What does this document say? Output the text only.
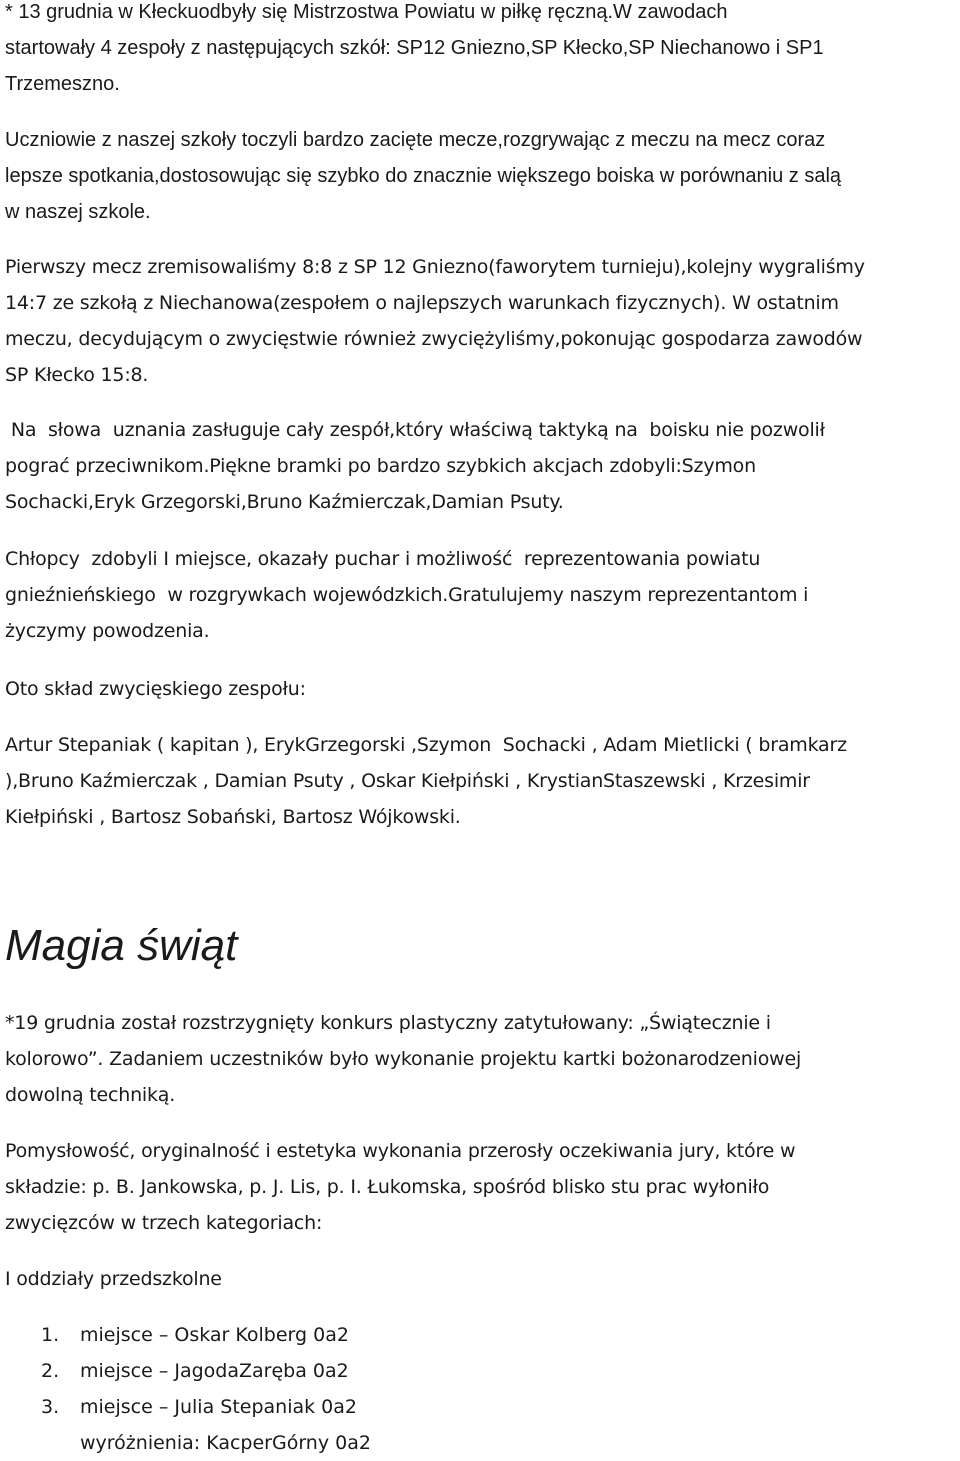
* 13 grudnia w Kłeckuodbyły się Mistrzostwa Powiatu w piłkę ręczną.W zawodach
startowały 4 zespoły z następujących szkół: SP12 Gniezno,SP Kłecko,SP Niechanowo i SP1
Trzemeszno.

Uczniowie z naszej szkoły toczyli bardzo zacięte mecze,rozgrywając z meczu na mecz coraz
lepsze spotkania,dostosowując się szybko do znacznie większego boiska w porównaniu z salą
w naszej szkole.

Pierwszy mecz zremisowaliśmy 8:8 z SP 12 Gniezno(faworytem turnieju),kolejny wygraliśmy
14:7 ze szkołą z Niechanowa(zespołem o najlepszych warunkach fizycznych). W ostatnim
meczu, decydującym o zwycięstwie również zwyciężyliśmy,pokonując gospodarza zawodów
SP Kłecko 15:8.

Na  słowa  uznania zasługuje cały zespół,który właściwą taktyką na  boisku nie pozwolił
pograć przeciwnikom.Piękne bramki po bardzo szybkich akcjach zdobyli:Szymon
Sochacki,Eryk Grzegorski,Bruno Kaźmierczak,Damian Psuty.

Chłopcy  zdobyli I miejsce, okazały puchar i możliwość  reprezentowania powiatu
gnieźnieńskiego  w rozgrywkach wojewódzkich.Gratulujemy naszym reprezentantom i
życzymy powodzenia.

Oto skład zwycięskiego zespołu:

Artur Stepaniak ( kapitan ), ErykGrzegorski ,Szymon  Sochacki , Adam Mietlicki ( bramkarz
),Bruno Kaźmierczak , Damian Psuty , Oskar Kiełpiński , KrystianStaszewski , Krzesimir
Kiełpiński , Bartosz Sobański, Bartosz Wójkowski.

Magia świąt

*19 grudnia został rozstrzygnięty konkurs plastyczny zatytułowany: „Świątecznie i
kolorowo”. Zadaniem uczestników było wykonanie projektu kartki bożonarodzeniowej
dowolną techniką.

Pomysłowość, oryginalność i estetyka wykonania przerosły oczekiwania jury, które w
składzie: p. B. Jankowska, p. J. Lis, p. I. Łukomska, spośród blisko stu prac wyłoniło
zwycięzców w trzech kategoriach:

I oddziały przedszkolne

1.	miejsce – Oskar Kolberg 0a2
2.	miejsce – JagodaZaręba 0a2
3.	miejsce – Julia Stepaniak 0a2
wyróżnienia: KacperGórny 0a2
